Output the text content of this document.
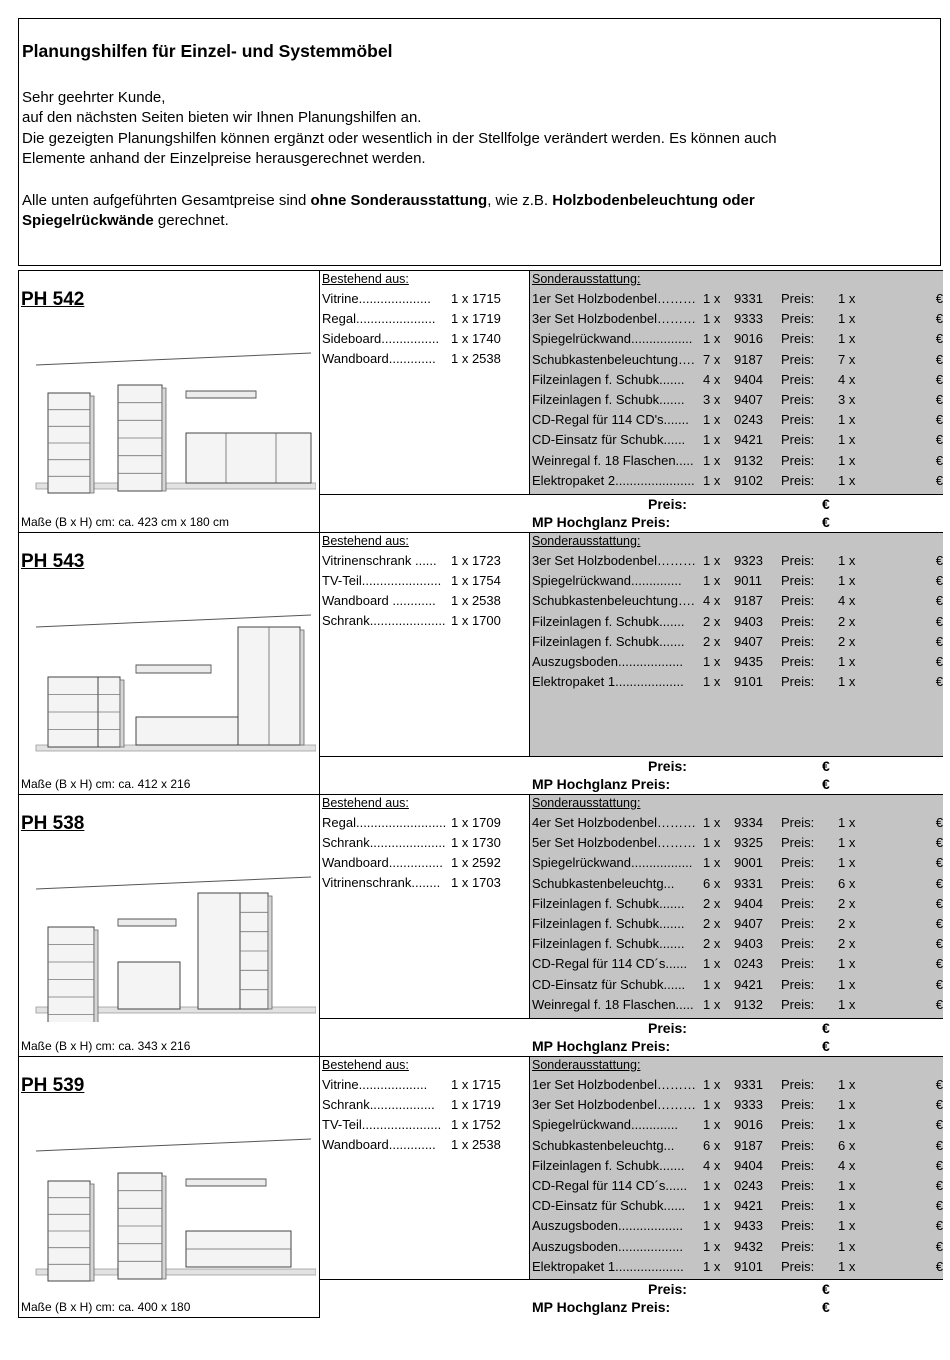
Planungshilfen für Einzel- und Systemmöbel

Sehr geehrter Kunde,

auf den nächsten Seiten bieten wir Ihnen Planungshilfen an.

Die gezeigten Planungshilfen können ergänzt oder wesentlich in der Stellfolge verändert werden. Es können auch

Elemente anhand der Einzelpreise herausgerechnet werden.

Alle unten aufgeführten Gesamtpreise sind ohne Sonderausstattung, wie z.B. Holzbodenbeleuchtung oder

Spiegelrückwände gerechnet.

PH 542
Maße (B x H) cm: ca. 423 cm x 180 cm
Bestehend aus:
Vitrine.................... 1 x 1715
Regal...................... 1 x 1719
Sideboard................ 1 x 1740
Wandboard............. 1 x 2538
Sonderausstattung:
1er Set Holzbodenbel……… 1 x 9331 Preis: 1 x	€
3er Set Holzbodenbel……… 1 x 9333 Preis: 1 x	€
Spiegelrückwand................. 1 x 9016 Preis: 1 x	€
Schubkastenbeleuchtung…. 7 x 9187 Preis: 7 x	€
Filzeinlagen f. Schubk....... 4 x 9404 Preis: 4 x	€
Filzeinlagen f. Schubk....... 3 x 9407 Preis: 3 x	€
CD-Regal für 114 CD's....... 1 x 0243 Preis: 1 x	€
CD-Einsatz für Schubk...... 1 x 9421 Preis: 1 x	€
Weinregal f. 18 Flaschen..... 1 x 9132 Preis: 1 x	€
Elektropaket 2...................... 1 x 9102 Preis: 1 x	€
Preis:	€
MP Hochglanz Preis:	€
PH 543
Maße (B x H) cm: ca. 412 x 216
Bestehend aus:
Vitrinenschrank ...... 1 x 1723
TV-Teil...................... 1 x 1754
Wandboard ............ 1 x 2538
Schrank..................... 1 x 1700
Sonderausstattung:
3er Set Holzbodenbel……… 1 x 9323 Preis: 1 x	€
Spiegelrückwand.............. 1 x 9011 Preis: 1 x	€
Schubkastenbeleuchtung…. 4 x 9187 Preis: 4 x	€
Filzeinlagen f. Schubk....... 2 x 9403 Preis: 2 x	€
Filzeinlagen f. Schubk....... 2 x 9407 Preis: 2 x	€
Auszugsboden.................. 1 x 9435 Preis: 1 x	€
Elektropaket 1................... 1 x 9101 Preis: 1 x	€
Preis:	€
MP Hochglanz Preis:	€
PH 538
Maße (B x H) cm: ca. 343 x 216
Bestehend aus:
Regal......................... 1 x 1709
Schrank..................... 1 x 1730
Wandboard............... 1 x 2592
Vitrinenschrank........ 1 x 1703
Sonderausstattung:
4er Set Holzbodenbel……… 1 x 9334 Preis: 1 x	€
5er Set Holzbodenbel……… 1 x 9325 Preis: 1 x	€
Spiegelrückwand................. 1 x 9001 Preis: 1 x	€
Schubkastenbeleuchtg... 6 x 9331 Preis: 6 x	€
Filzeinlagen f. Schubk....... 2 x 9404 Preis: 2 x	€
Filzeinlagen f. Schubk....... 2 x 9407 Preis: 2 x	€
Filzeinlagen f. Schubk....... 2 x 9403 Preis: 2 x	€
CD-Regal für 114 CD´s...... 1 x 0243 Preis: 1 x	€
CD-Einsatz für Schubk...... 1 x 9421 Preis: 1 x	€
Weinregal f. 18 Flaschen..... 1 x 9132 Preis: 1 x	€
Preis:	€
MP Hochglanz Preis:	€
PH 539
Maße (B x H) cm: ca. 400 x 180
Bestehend aus:
Vitrine................... 1 x 1715
Schrank.................. 1 x 1719
TV-Teil...................... 1 x 1752
Wandboard............. 1 x 2538
Sonderausstattung:
1er Set Holzbodenbel……… 1 x 9331 Preis: 1 x	€
3er Set Holzbodenbel……… 1 x 9333 Preis: 1 x	€
Spiegelrückwand............. 1 x 9016 Preis: 1 x	€
Schubkastenbeleuchtg... 6 x 9187 Preis: 6 x	€
Filzeinlagen f. Schubk....... 4 x 9404 Preis: 4 x	€
CD-Regal für 114 CD´s...... 1 x 0243 Preis: 1 x	€
CD-Einsatz für Schubk...... 1 x 9421 Preis: 1 x	€
Auszugsboden.................. 1 x 9433 Preis: 1 x	€
Auszugsboden.................. 1 x 9432 Preis: 1 x	€
Elektropaket 1................... 1 x 9101 Preis: 1 x	€
Preis:	€
MP Hochglanz Preis:	€
